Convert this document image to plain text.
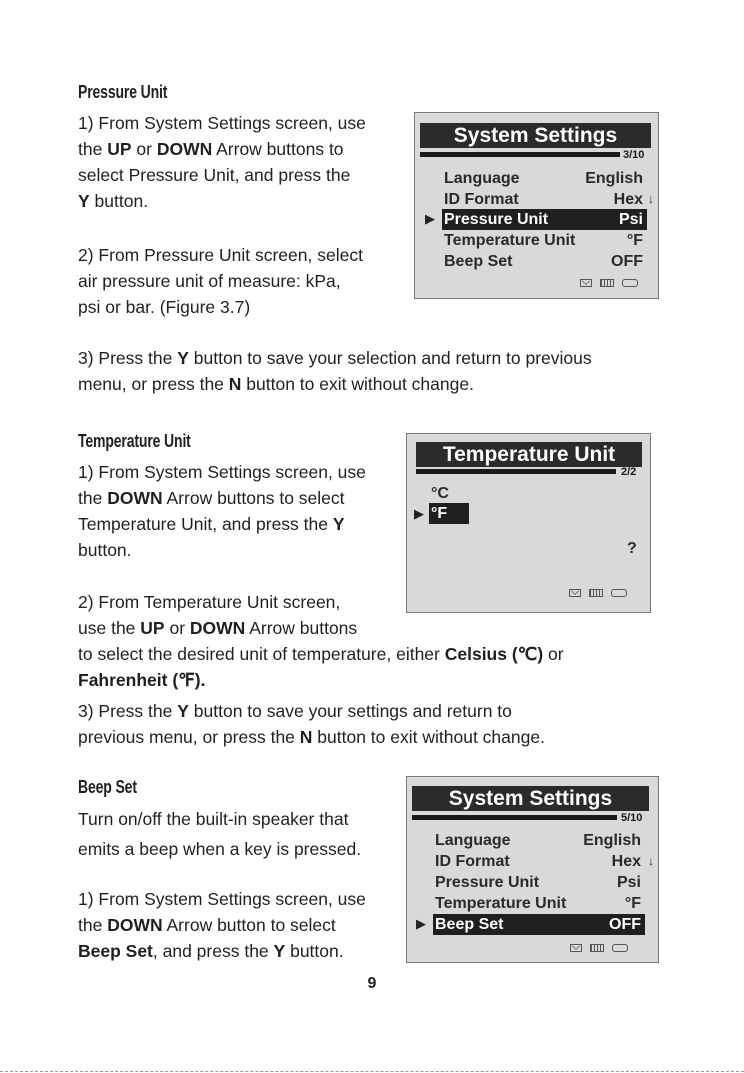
Pressure Unit
1) From System Settings screen, use
the UP or DOWN Arrow buttons to
select Pressure Unit, and press the
Y button.
2) From Pressure Unit screen, select
air pressure unit of measure: kPa,
psi or bar. (Figure 3.7)
3) Press the Y button to save your selection and return to previous
menu, or press the N button to exit without change.
System Settings
3/10
Language	English
ID Format	Hex ↓
▶ Pressure Unit	Psi
Temperature Unit	°F
Beep Set	OFF
Temperature Unit
1) From System Settings screen, use
the DOWN Arrow buttons to select
Temperature Unit, and press the Y
button.
2) From Temperature Unit screen,
use the UP or DOWN Arrow buttons
to select the desired unit of temperature, either Celsius (℃) or
Fahrenheit (℉).
3) Press the Y button to save your settings and return to
previous menu, or press the N button to exit without change.
Temperature Unit
2/2
°C
▶ °F
?
Beep Set
Turn on/off the built-in speaker that
emits a beep when a key is pressed.
1) From System Settings screen, use
the DOWN Arrow button to select
Beep Set, and press the Y button.
System Settings
5/10
Language	English
ID Format	Hex ↓
Pressure Unit	Psi
Temperature Unit	°F
▶ Beep Set	OFF
9
